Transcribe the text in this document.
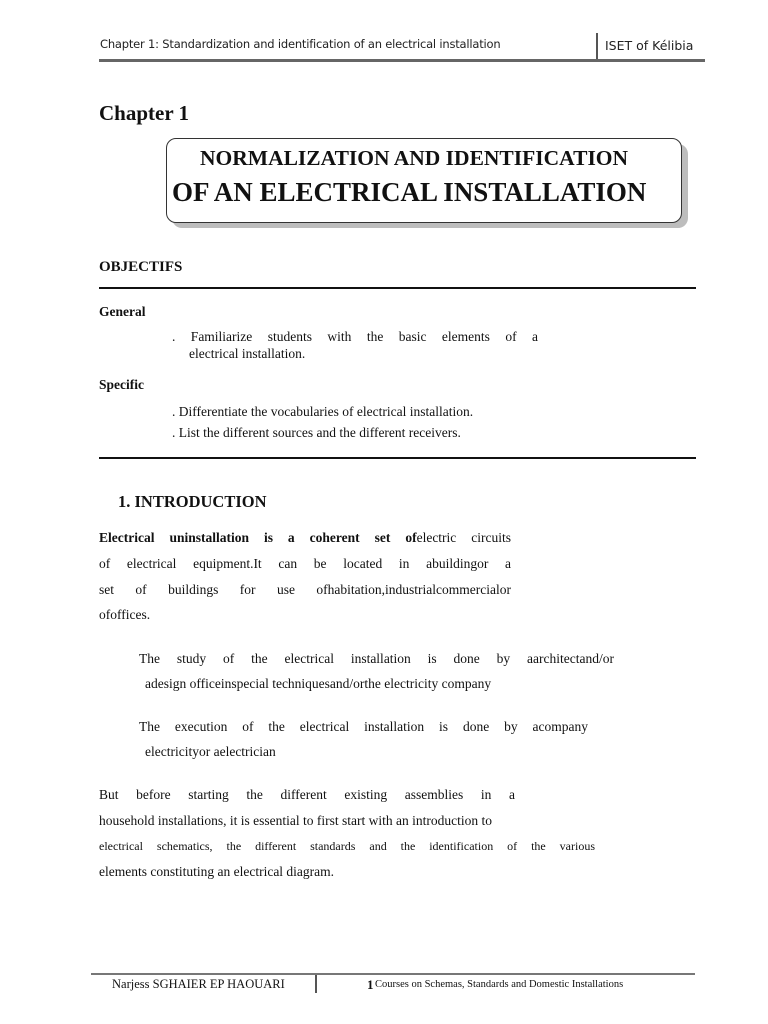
Chapter 1: Standardization and identification of an electrical installation	ISET of Kélibia
Chapter 1
NORMALIZATION AND IDENTIFICATION
OF AN ELECTRICAL INSTALLATION
OBJECTIFS
General
. Familiarize students with the basic elements of a
electrical installation.
Specific
. Differentiate the vocabularies of electrical installation.
. List the different sources and the different receivers.
1. INTRODUCTION
Electrical uninstallation is a coherent set ofelectric circuits
of electrical equipment.It can be located in abuildingor a
set of buildings for use ofhabitation,industrialcommercialor
ofoffices.
The study of the electrical installation is done by aarchitectand/or
adesign officeinspecial techniquesand/orthe electricity company
The execution of the electrical installation is done by acompany
electricityor aelectrician
But before starting the different existing assemblies in a
household installations, it is essential to first start with an introduction to
electrical schematics, the different standards and the identification of the various
elements constituting an electrical diagram.
Narjess SGHAIER EP HAOUARI	1 Courses on Schemas, Standards and Domestic Installations
